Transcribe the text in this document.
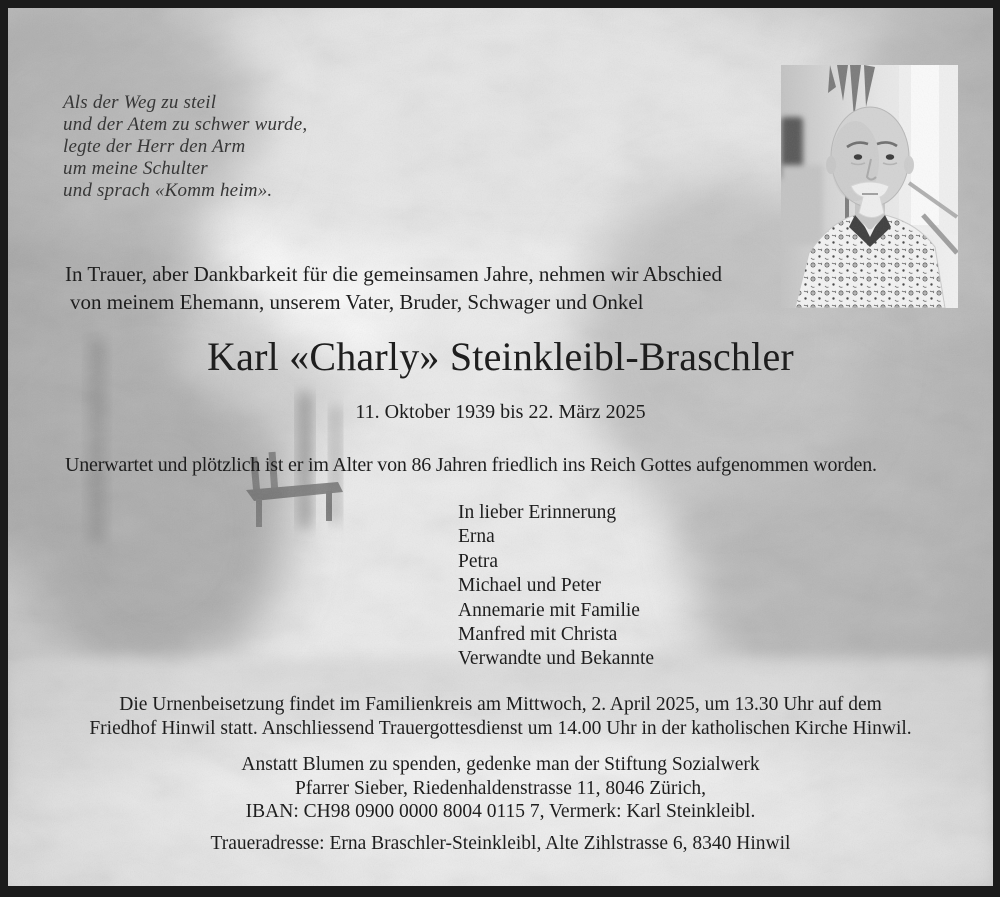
Als der Weg zu steil
und der Atem zu schwer wurde,
legte der Herr den Arm
um meine Schulter
und sprach «Komm heim».
In Trauer, aber Dankbarkeit für die gemeinsamen Jahre, nehmen wir Abschied
von meinem Ehemann, unserem Vater, Bruder, Schwager und Onkel
Karl «Charly» Steinkleibl-Braschler
11. Oktober 1939 bis 22. März 2025
Unerwartet und plötzlich ist er im Alter von 86 Jahren friedlich ins Reich Gottes aufgenommen worden.
In lieber Erinnerung
Erna
Petra
Michael und Peter
Annemarie mit Familie
Manfred mit Christa
Verwandte und Bekannte
Die Urnenbeisetzung findet im Familienkreis am Mittwoch, 2. April 2025, um 13.30 Uhr auf dem
Friedhof Hinwil statt. Anschliessend Trauergottesdienst um 14.00 Uhr in der katholischen Kirche Hinwil.
Anstatt Blumen zu spenden, gedenke man der Stiftung Sozialwerk
Pfarrer Sieber, Riedenhaldenstrasse 11, 8046 Zürich,
IBAN: CH98 0900 0000 8004 0115 7, Vermerk: Karl Steinkleibl.
Traueradresse: Erna Braschler-Steinkleibl, Alte Zihlstrasse 6, 8340 Hinwil
